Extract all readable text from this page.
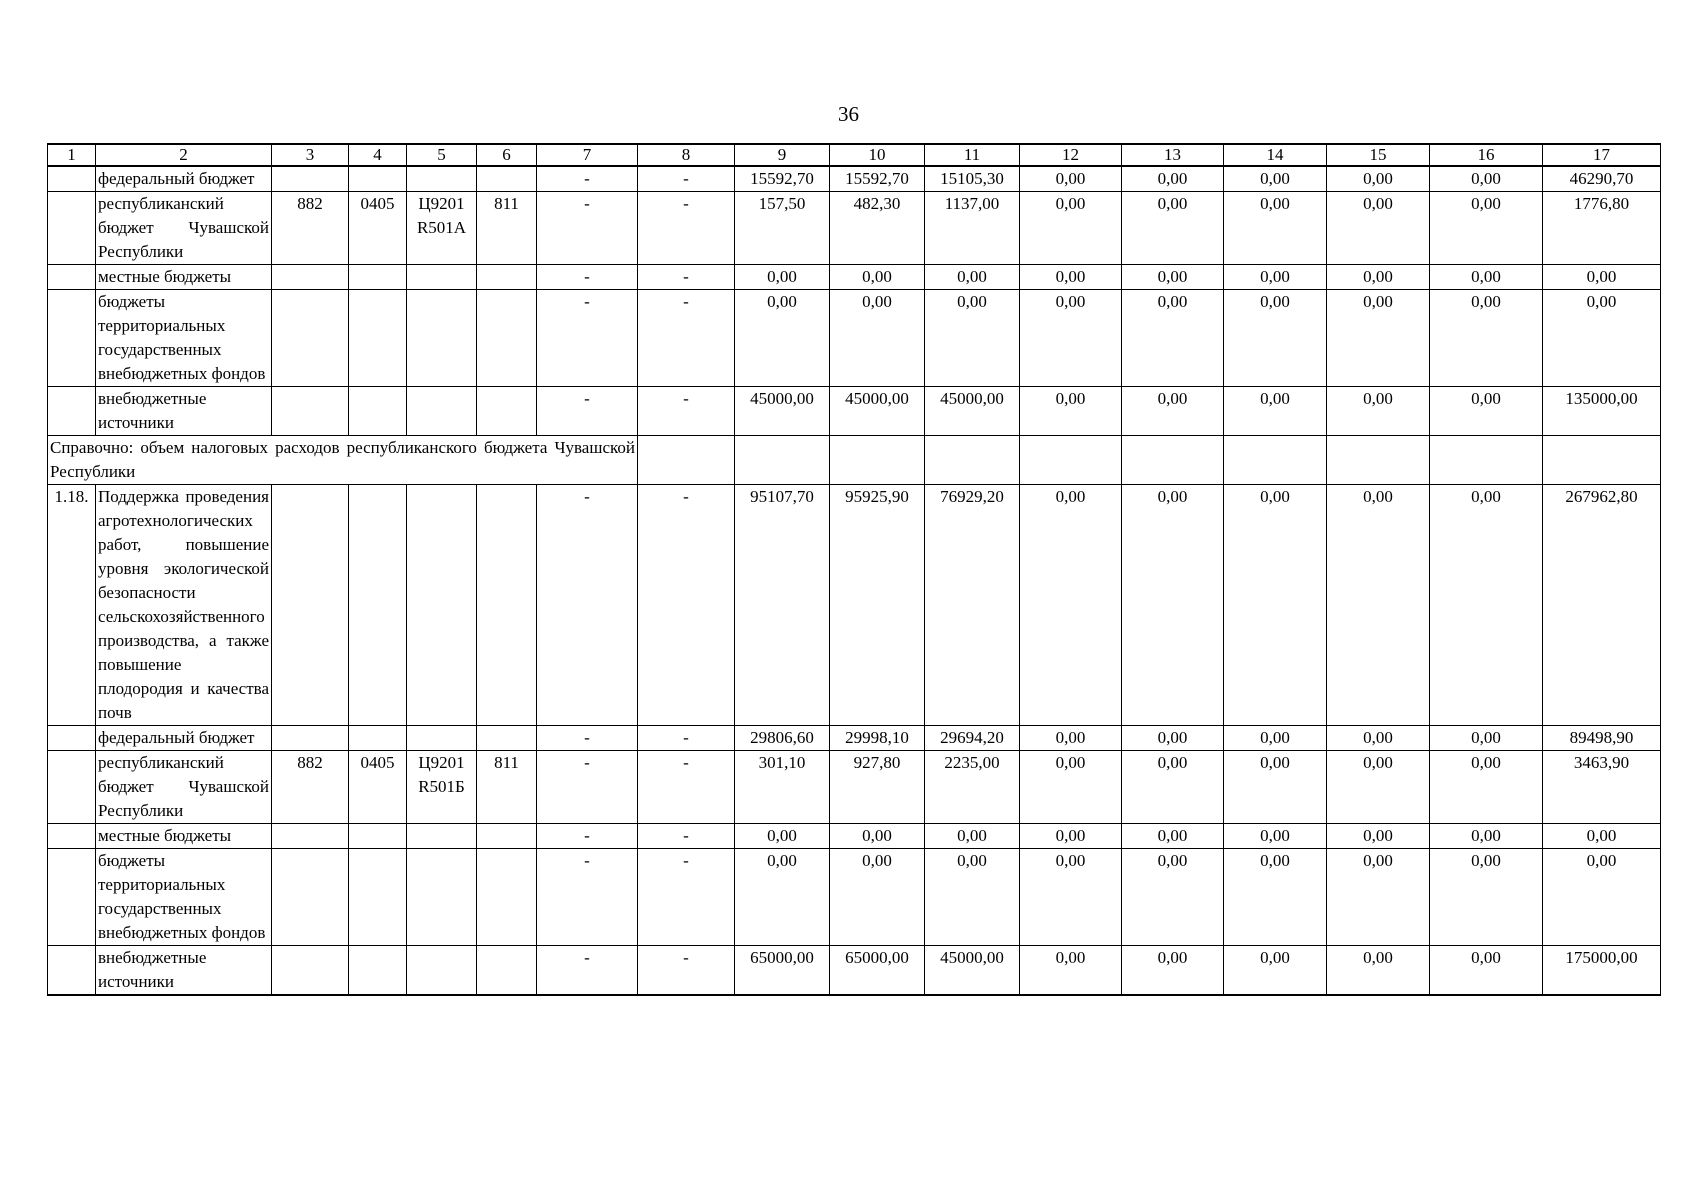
36
1	2	3	4	5	6	7	8	9	10	11	12	13	14	15	16	17
	федеральный бюджет					-	-	15592,70	15592,70	15105,30	0,00	0,00	0,00	0,00	0,00	46290,70
	республиканский бюджет Чувашской Республики	882	0405	Ц9201 R501А	811	-	-	157,50	482,30	1137,00	0,00	0,00	0,00	0,00	0,00	1776,80
	местные бюджеты					-	-	0,00	0,00	0,00	0,00	0,00	0,00	0,00	0,00	0,00
	бюджеты территориальных государственных внебюджетных фондов					-	-	0,00	0,00	0,00	0,00	0,00	0,00	0,00	0,00	0,00
	внебюджетные источники					-	-	45000,00	45000,00	45000,00	0,00	0,00	0,00	0,00	0,00	135000,00
Справочно: объем налоговых расходов республиканского бюджета Чувашской Республики																
1.18.	Поддержка проведения агротехнологических работ, повышение уровня экологической безопасности сельскохозяйственного производства, а также повышение плодородия и качества почв					-	-	95107,70	95925,90	76929,20	0,00	0,00	0,00	0,00	0,00	267962,80
	федеральный бюджет					-	-	29806,60	29998,10	29694,20	0,00	0,00	0,00	0,00	0,00	89498,90
	республиканский бюджет Чувашской Республики	882	0405	Ц9201 R501Б	811	-	-	301,10	927,80	2235,00	0,00	0,00	0,00	0,00	0,00	3463,90
	местные бюджеты					-	-	0,00	0,00	0,00	0,00	0,00	0,00	0,00	0,00	0,00
	бюджеты территориальных государственных внебюджетных фондов					-	-	0,00	0,00	0,00	0,00	0,00	0,00	0,00	0,00	0,00
	внебюджетные источники					-	-	65000,00	65000,00	45000,00	0,00	0,00	0,00	0,00	0,00	175000,00
